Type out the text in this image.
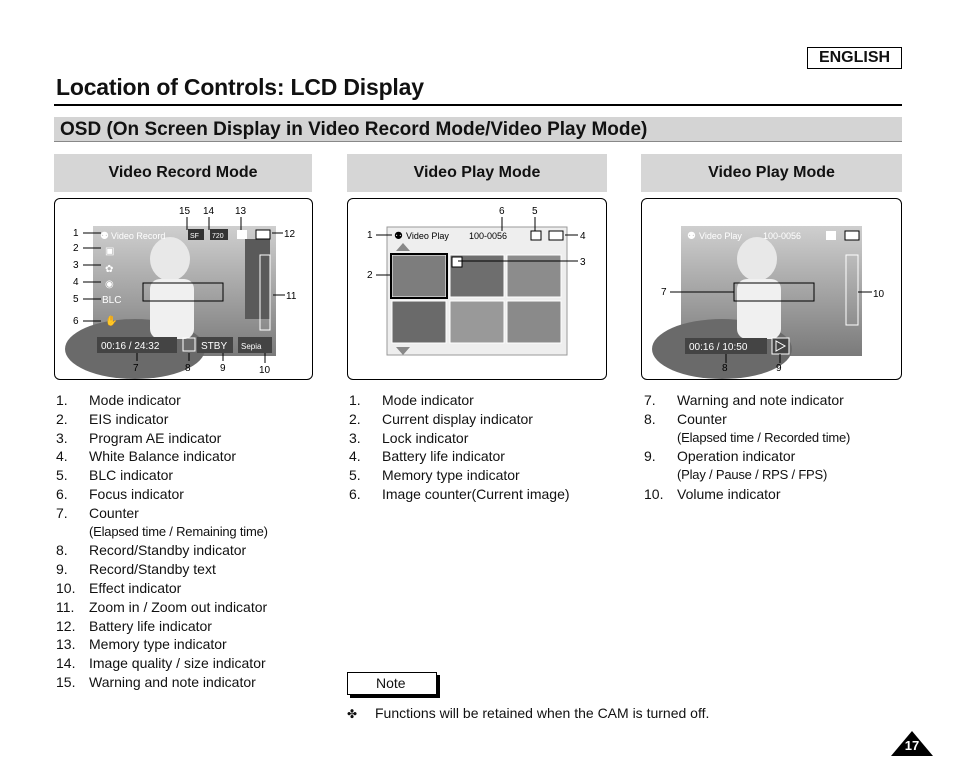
ENGLISH
Location of Controls: LCD Display
OSD (On Screen Display in Video Record Mode/Video Play Mode)
Video Record Mode	Video Play Mode	Video Play Mode
⚉ Video Record	SF 720
▣
✿
◉
BLC
✋
00:16 / 24:32	STBY Sepia
1
2
3
4
5
6
7	8	9	10
11
12
13
14
15
⚉ Video Play 100-0056
1
2
3
4
5
6
⚉ Video Play 100-0056
00:16 / 10:50
7
8	9
10
1. Mode indicator
2. EIS indicator
3. Program AE indicator
4. White Balance indicator
5. BLC indicator
6. Focus indicator
7. Counter
(Elapsed time / Remaining time)
8. Record/Standby indicator
9. Record/Standby text
10. Effect indicator
11. Zoom in / Zoom out indicator
12. Battery life indicator
13. Memory type indicator
14. Image quality / size indicator
15. Warning and note indicator
1. Mode indicator
2. Current display indicator
3. Lock indicator
4. Battery life indicator
5. Memory type indicator
6. Image counter(Current image)
7. Warning and note indicator
8. Counter
(Elapsed time / Recorded time)
9. Operation indicator
(Play / Pause / RPS / FPS)
10. Volume indicator
Note
✤ Functions will be retained when the CAM is turned off.
17
